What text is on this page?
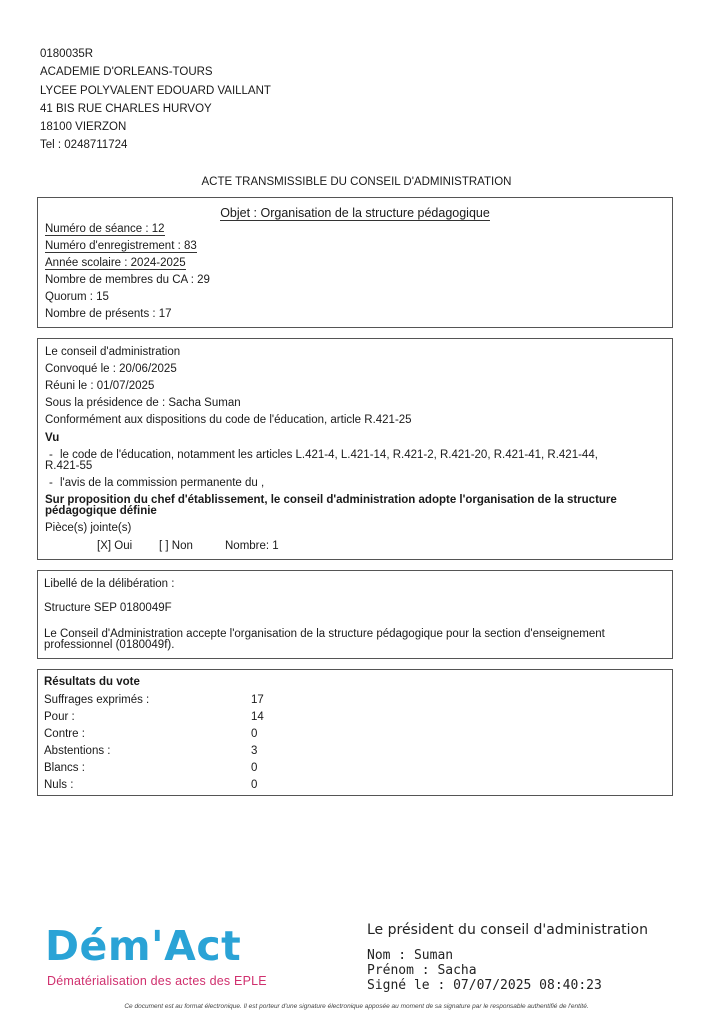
0180035R
ACADEMIE D'ORLEANS-TOURS
LYCEE POLYVALENT EDOUARD VAILLANT
41 BIS RUE CHARLES HURVOY
18100 VIERZON
Tel : 0248711724
ACTE TRANSMISSIBLE DU CONSEIL D'ADMINISTRATION
Objet : Organisation de la structure pédagogique
Numéro de séance : 12
Numéro d'enregistrement : 83
Année scolaire : 2024-2025
Nombre de membres du CA : 29
Quorum : 15
Nombre de présents : 17
Le conseil d'administration
Convoqué le : 20/06/2025
Réuni le : 01/07/2025
Sous la présidence de : Sacha Suman
Conformément aux dispositions du code de l'éducation, article R.421-25
Vu
- le code de l'éducation, notamment les articles L.421-4, L.421-14, R.421-2, R.421-20, R.421-41, R.421-44,
R.421-55
- l'avis de la commission permanente du ,
Sur proposition du chef d'établissement, le conseil d'administration adopte l'organisation de la structure
pédagogique définie
Pièce(s) jointe(s)
[X] Oui [ ] Non	Nombre: 1
Libellé de la délibération :
Structure SEP 0180049F
Le Conseil d'Administration accepte l'organisation de la structure pédagogique pour la section d'enseignement
professionnel (0180049f).
Résultats du vote
Suffrages exprimés :	17
Pour :	14
Contre :	0
Abstentions :	3
Blancs :	0
Nuls :	0
Dém'Act
Dématérialisation des actes des EPLE
Le président du conseil d'administration
Nom : Suman
Prénom : Sacha
Signé le : 07/07/2025 08:40:23
Ce document est au format électronique. Il est porteur d'une signature électronique apposée au moment de sa signature par le responsable authentifié de l'entité.
